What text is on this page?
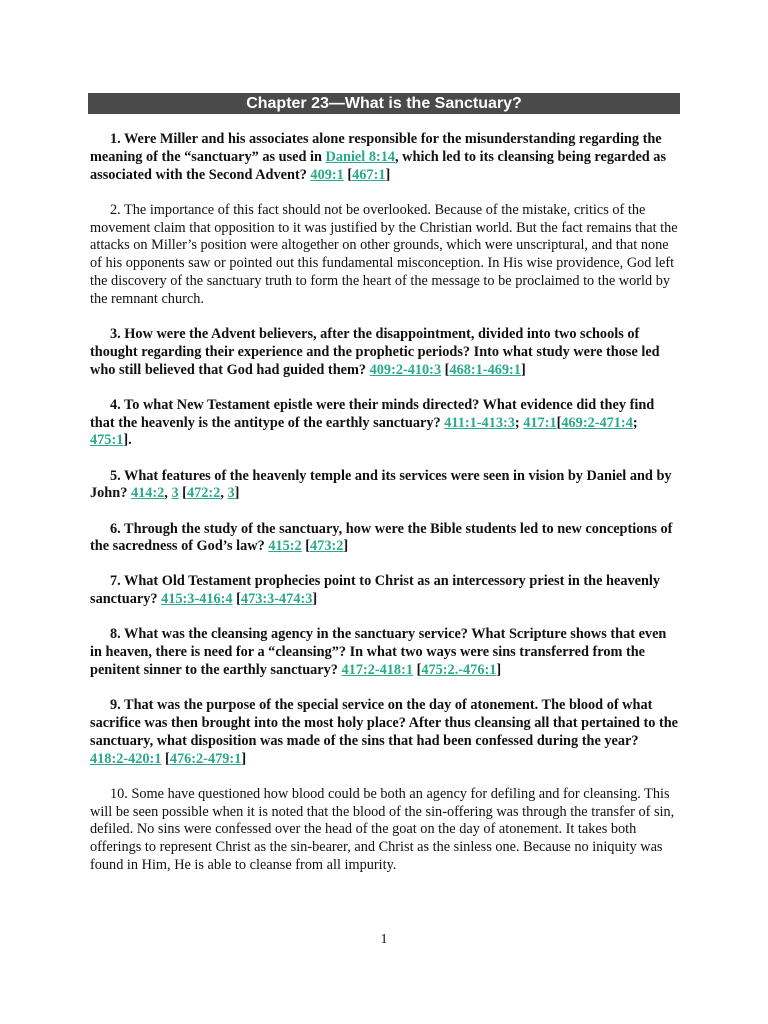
Chapter 23—What is the Sanctuary?

1. Were Miller and his associates alone responsible for the misunderstanding regarding the meaning of the “sanctuary” as used in Daniel 8:14, which led to its cleansing being regarded as associated with the Second Advent? 409:1 [467:1]

2. The importance of this fact should not be overlooked. Because of the mistake, critics of the movement claim that opposition to it was justified by the Christian world. But the fact remains that the attacks on Miller’s position were altogether on other grounds, which were unscriptural, and that none of his opponents saw or pointed out this fundamental misconception. In His wise providence, God left the discovery of the sanctuary truth to form the heart of the message to be proclaimed to the world by the remnant church.

3. How were the Advent believers, after the disappointment, divided into two schools of thought regarding their experience and the prophetic periods? Into what study were those led who still believed that God had guided them? 409:2-410:3 [468:1-469:1]

4. To what New Testament epistle were their minds directed? What evidence did they find that the heavenly is the antitype of the earthly sanctuary? 411:1-413:3; 417:1[469:2-471:4; 475:1].

5. What features of the heavenly temple and its services were seen in vision by Daniel and by John? 414:2, 3 [472:2, 3]

6. Through the study of the sanctuary, how were the Bible students led to new conceptions of the sacredness of God’s law? 415:2 [473:2]

7. What Old Testament prophecies point to Christ as an intercessory priest in the heavenly sanctuary? 415:3-416:4 [473:3-474:3]

8. What was the cleansing agency in the sanctuary service? What Scripture shows that even in heaven, there is need for a “cleansing”? In what two ways were sins transferred from the penitent sinner to the earthly sanctuary? 417:2-418:1 [475:2.-476:1]

9. That was the purpose of the special service on the day of atonement. The blood of what sacrifice was then brought into the most holy place? After thus cleansing all that pertained to the sanctuary, what disposition was made of the sins that had been confessed during the year? 418:2-420:1 [476:2-479:1]

10. Some have questioned how blood could be both an agency for defiling and for cleansing. This will be seen possible when it is noted that the blood of the sin-offering was through the transfer of sin, defiled. No sins were confessed over the head of the goat on the day of atonement. It takes both offerings to represent Christ as the sin-bearer, and Christ as the sinless one. Because no iniquity was found in Him, He is able to cleanse from all impurity.

1
